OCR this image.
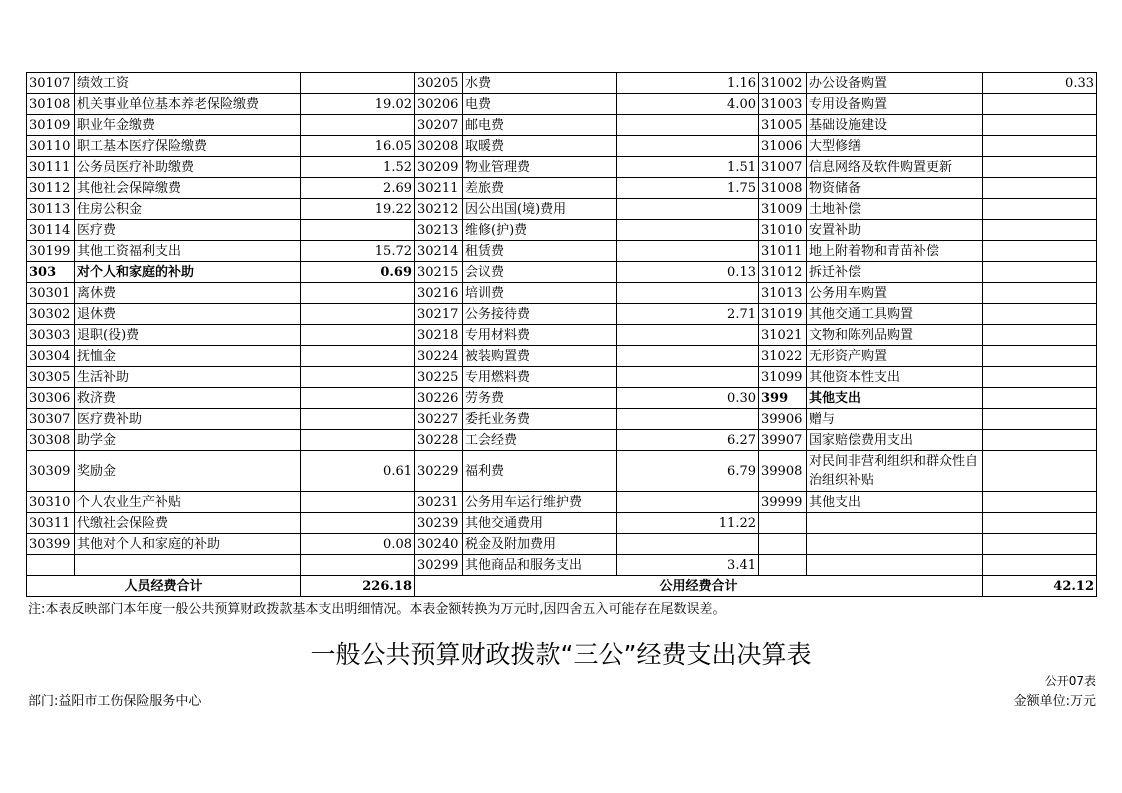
30107	绩效工资		30205	水费	1.16	31002	办公设备购置	0.33
30108	机关事业单位基本养老保险缴费	19.02	30206	电费	4.00	31003	专用设备购置	
30109	职业年金缴费		30207	邮电费		31005	基础设施建设	
30110	职工基本医疗保险缴费	16.05	30208	取暖费		31006	大型修缮	
30111	公务员医疗补助缴费	1.52	30209	物业管理费	1.51	31007	信息网络及软件购置更新	
30112	其他社会保障缴费	2.69	30211	差旅费	1.75	31008	物资储备	
30113	住房公积金	19.22	30212	因公出国(境)费用		31009	土地补偿	
30114	医疗费		30213	维修(护)费		31010	安置补助	
30199	其他工资福利支出	15.72	30214	租赁费		31011	地上附着物和青苗补偿	
303	对个人和家庭的补助	0.69	30215	会议费	0.13	31012	拆迁补偿	
30301	离休费		30216	培训费		31013	公务用车购置	
30302	退休费		30217	公务接待费	2.71	31019	其他交通工具购置	
30303	退职(役)费		30218	专用材料费		31021	文物和陈列品购置	
30304	抚恤金		30224	被装购置费		31022	无形资产购置	
30305	生活补助		30225	专用燃料费		31099	其他资本性支出	
30306	救济费		30226	劳务费	0.30	399	其他支出	
30307	医疗费补助		30227	委托业务费		39906	赠与	
30308	助学金		30228	工会经费	6.27	39907	国家赔偿费用支出	
30309	奖励金	0.61	30229	福利费	6.79	39908	对民间非营利组织和群众性自治组织补贴	
30310	个人农业生产补贴		30231	公务用车运行维护费		39999	其他支出	
30311	代缴社会保险费		30239	其他交通费用	11.22			
30399	其他对个人和家庭的补助	0.08	30240	税金及附加费用				
			30299	其他商品和服务支出	3.41			
人员经费合计		226.18	公用经费合计					42.12
注:本表反映部门本年度一般公共预算财政拨款基本支出明细情况。本表金额转换为万元时,因四舍五入可能存在尾数误差。
一般公共预算财政拨款“三公”经费支出决算表
公开07表
部门:益阳市工伤保险服务中心	金额单位:万元
